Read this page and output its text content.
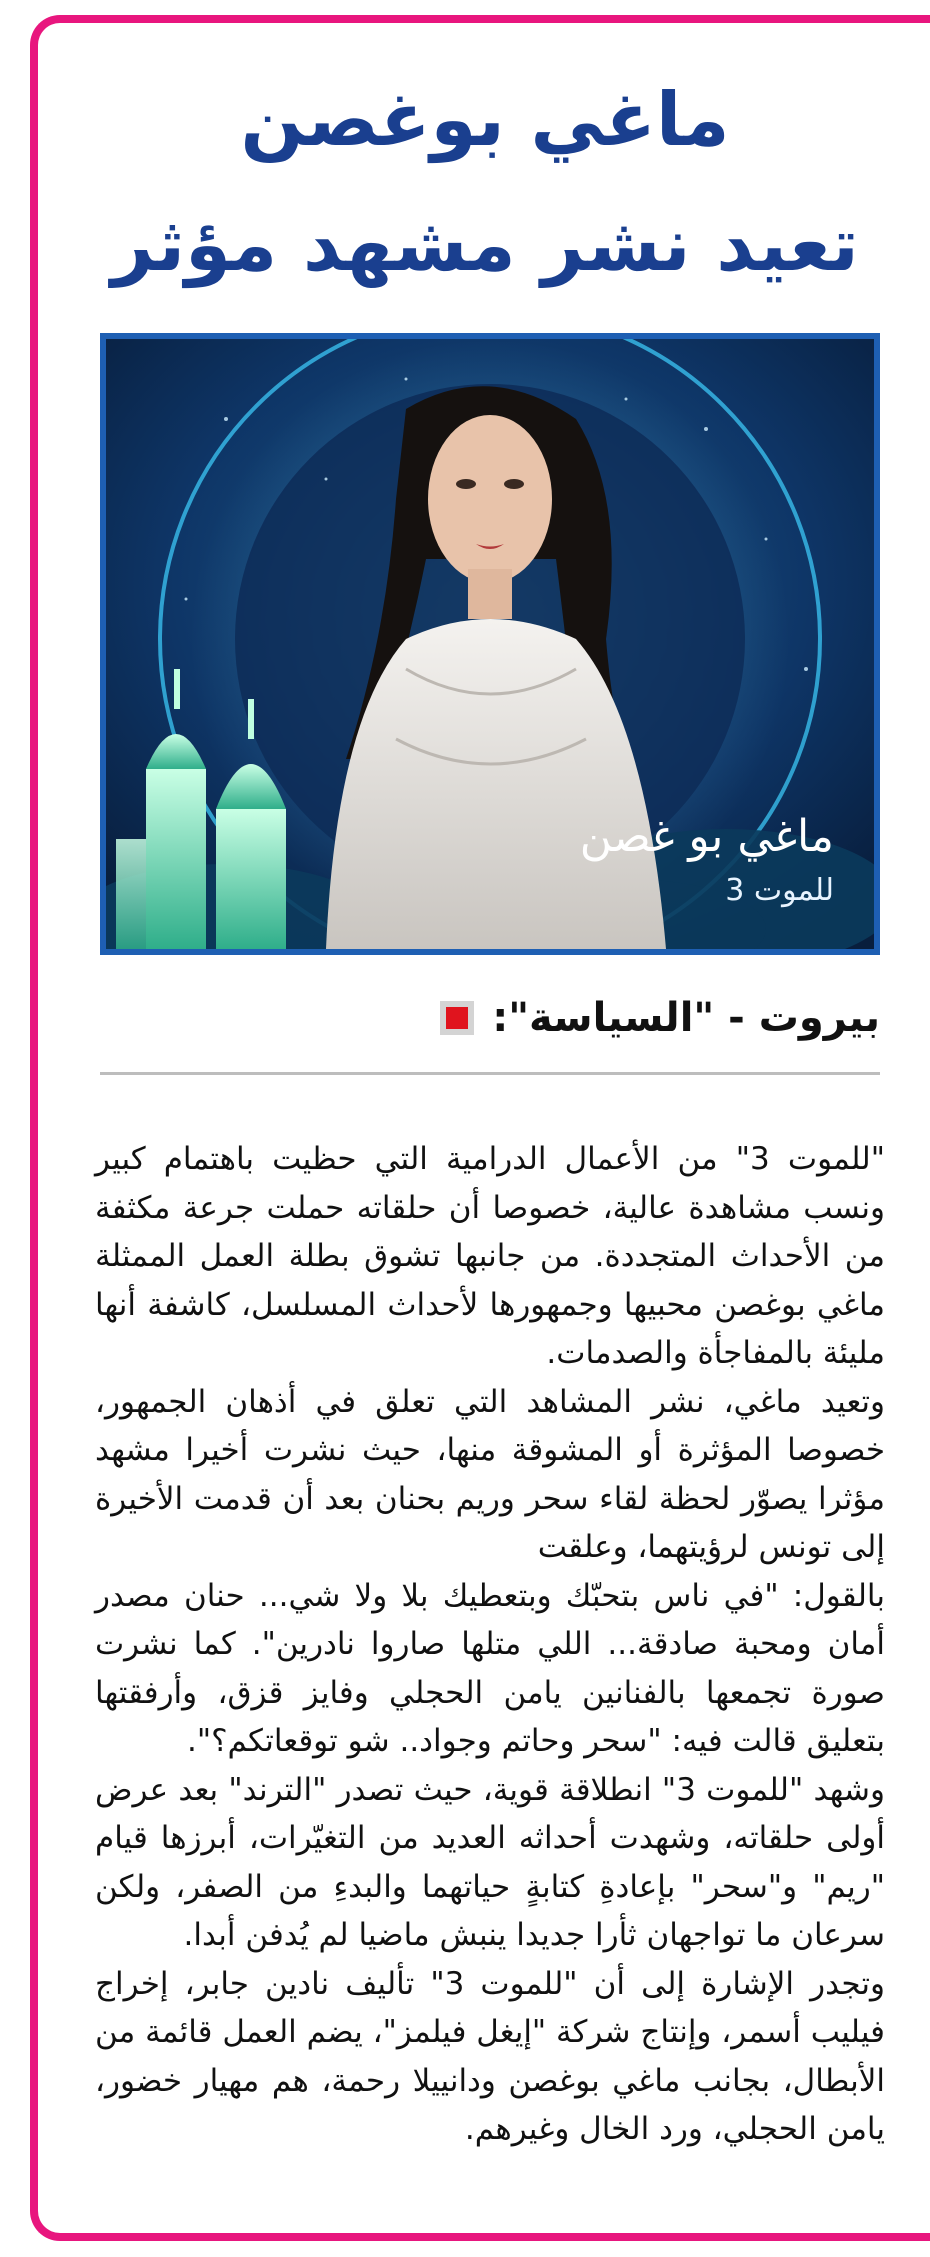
ماغي بوغصن
تعيد نشر مشهد مؤثر
ماغي بو غصن
للموت 3
بيروت - "السياسة":

"للموت 3" من الأعمال الدرامية التي حظيت باهتمام كبير ونسب مشاهدة عالية، خصوصا أن حلقاته حملت جرعة مكثفة من الأحداث المتجددة. من جانبها تشوق بطلة العمل الممثلة ماغي بوغصن محبيها وجمهورها لأحداث المسلسل، كاشفة أنها مليئة بالمفاجأة والصدمات.

وتعيد ماغي، نشر المشاهد التي تعلق في أذهان الجمهور، خصوصا المؤثرة أو المشوقة منها، حيث نشرت أخيرا مشهد مؤثرا يصوّر لحظة لقاء سحر وريم بحنان بعد أن قدمت الأخيرة إلى تونس لرؤيتهما، وعلقت

بالقول: "في ناس بتحبّك وبتعطيك بلا ولا شي... حنان مصدر أمان ومحبة صادقة... اللي متلها صاروا نادرين". كما نشرت صورة تجمعها بالفنانين يامن الحجلي وفايز قزق، وأرفقتها بتعليق قالت فيه: "سحر وحاتم وجواد.. شو توقعاتكم؟".

وشهد "للموت 3" انطلاقة قوية، حيث تصدر "الترند" بعد عرض أولى حلقاته، وشهدت أحداثه العديد من التغيّرات، أبرزها قيام "ريم" و"سحر" بإعادةِ كتابةٍ حياتهما والبدءِ من الصفر، ولكن سرعان ما تواجهان ثأرا جديدا ينبش ماضيا لم يُدفن أبدا.

وتجدر الإشارة إلى أن "للموت 3" تأليف نادين جابر، إخراج فيليب أسمر، وإنتاج شركة "إيغل فيلمز"، يضم العمل قائمة من الأبطال، بجانب ماغي بوغصن ودانييلا رحمة، هم مهيار خضور، يامن الحجلي، ورد الخال وغيرهم.
